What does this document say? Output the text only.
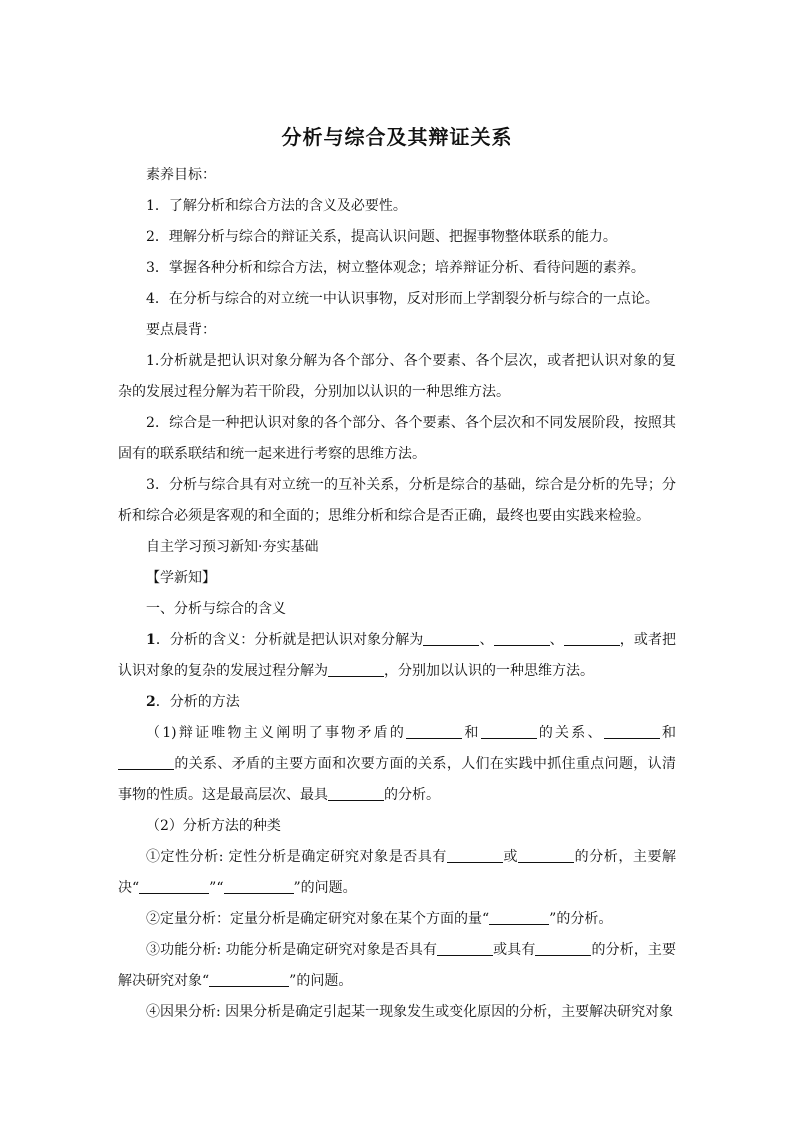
分析与综合及其辩证关系

素养目标：

1．了解分析和综合方法的含义及必要性。

2．理解分析与综合的辩证关系，提高认识问题、把握事物整体联系的能力。

3．掌握各种分析和综合方法，树立整体观念；培养辩证分析、看待问题的素养。

4．在分析与综合的对立统一中认识事物，反对形而上学割裂分析与综合的一点论。

要点晨背：

1.分析就是把认识对象分解为各个部分、各个要素、各个层次，或者把认识对象的复杂的发展过程分解为若干阶段，分别加以认识的一种思维方法。

2．综合是一种把认识对象的各个部分、各个要素、各个层次和不同发展阶段，按照其固有的联系联结和统一起来进行考察的思维方法。

3．分析与综合具有对立统一的互补关系，分析是综合的基础，综合是分析的先导；分析和综合必须是客观的和全面的；思维分析和综合是否正确，最终也要由实践来检验。

自主学习预习新知·夯实基础

【学新知】

一、分析与综合的含义

1．分析的含义：分析就是把认识对象分解为	、	、	，或者把认识对象的复杂的发展过程分解为	，分别加以认识的一种思维方法。

2．分析的方法

（1)辩证唯物主义阐明了事物矛盾的	和	的关系、	和的关系、矛盾的主要方面和次要方面的关系，人们在实践中抓住重点问题，认清事物的性质。这是最高层次、最具	的分析。

（2）分析方法的种类

①定性分析: 定性分析是确定研究对象是否具有	或	的分析，主要解决“	”“	”的问题。

②定量分析：定量分析是确定研究对象在某个方面的量“	”的分析。

③功能分析: 功能分析是确定研究对象是否具有	或具有	的分析，主要解决研究对象“	”的问题。

④因果分析: 因果分析是确定引起某一现象发生或变化原因的分析，主要解决研究对象
